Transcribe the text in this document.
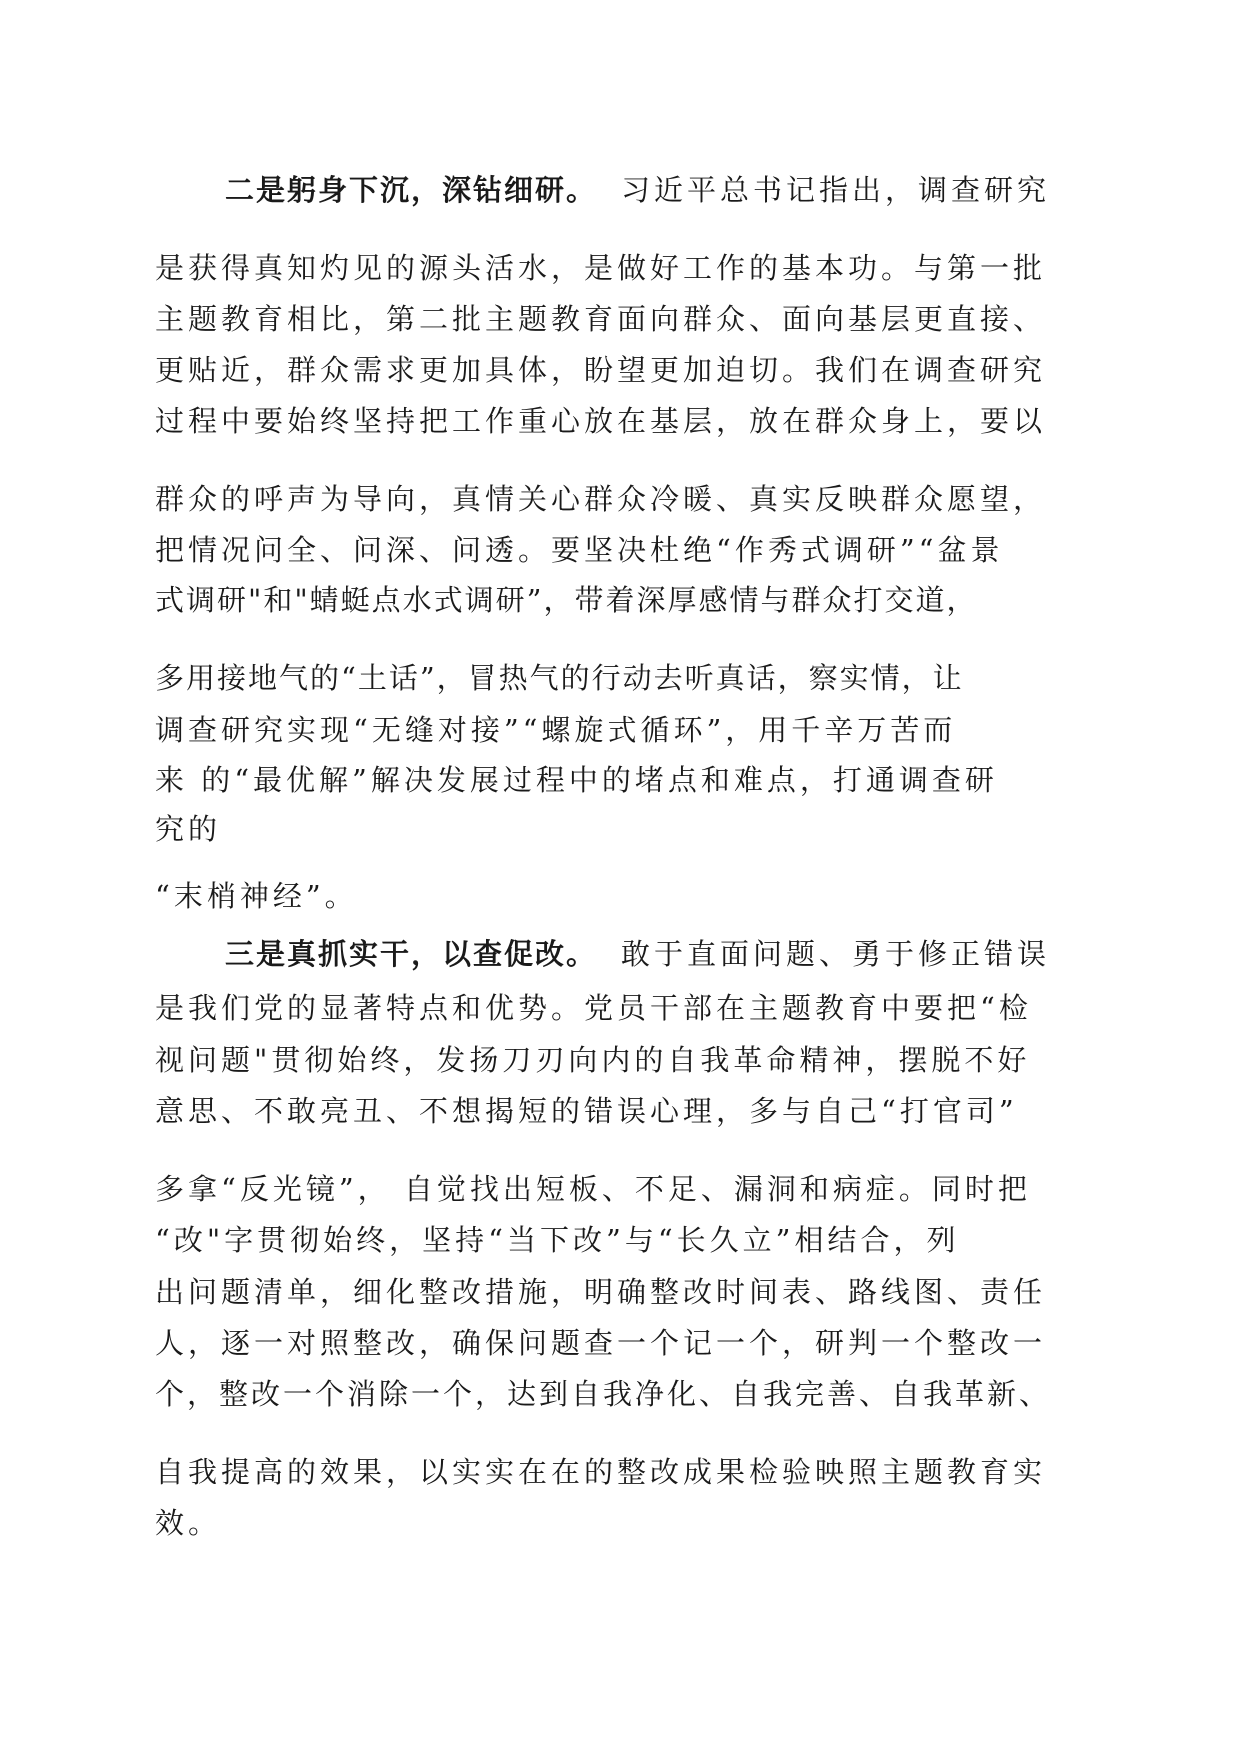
二是躬身下沉，深钻细研。 习近平总书记指出，调查研究
是获得真知灼见的源头活水，是做好工作的基本功。与第一批
主题教育相比，第二批主题教育面向群众、面向基层更直接、
更贴近，群众需求更加具体，盼望更加迫切。我们在调查研究
过程中要始终坚持把工作重心放在基层，放在群众身上，要以
群众的呼声为导向，真情关心群众冷暖、真实反映群众愿望，
把情况问全、问深、问透。要坚决杜绝“作秀式调研”“盆景
式调研"和"蜻蜓点水式调研”，带着深厚感情与群众打交道，
多用接地气的“土话”，冒热气的行动去听真话，察实情，让
调查研究实现“无缝对接”“螺旋式循环”，用千辛万苦而
来 的“最优解”解决发展过程中的堵点和难点，打通调查研
究的
“末梢神经”。
三是真抓实干，以查促改。 敢于直面问题、勇于修正错误
是我们党的显著特点和优势。党员干部在主题教育中要把“检
视问题"贯彻始终，发扬刀刃向内的自我革命精神，摆脱不好
意思、不敢亮丑、不想揭短的错误心理，多与自己“打官司”
多拿“反光镜”， 自觉找出短板、不足、漏洞和病症。同时把
“改"字贯彻始终，坚持“当下改”与“长久立”相结合，列
出问题清单，细化整改措施，明确整改时间表、路线图、责任
人，逐一对照整改，确保问题查一个记一个，研判一个整改一
个，整改一个消除一个，达到自我净化、自我完善、自我革新、
自我提高的效果，以实实在在的整改成果检验映照主题教育实
效。
